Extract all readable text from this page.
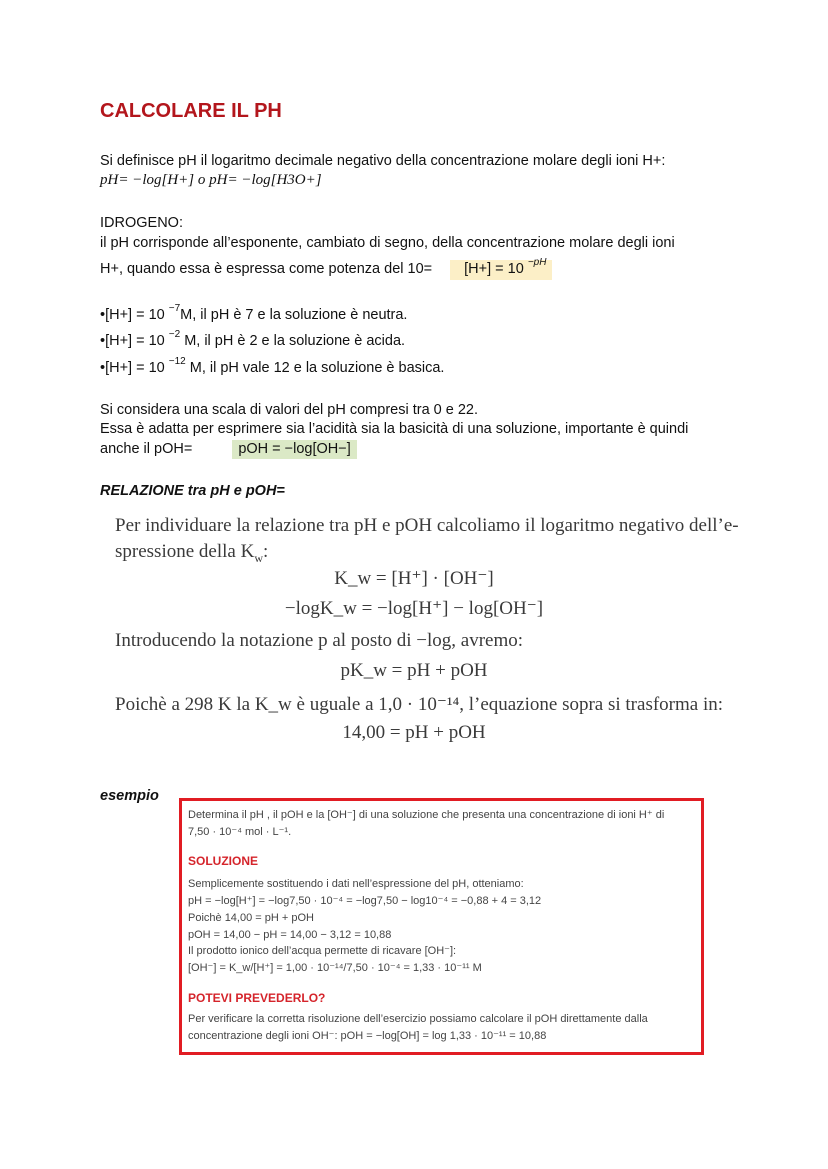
CALCOLARE IL PH
Si definisce pH il logaritmo decimale negativo della concentrazione molare degli ioni H+:
pH= −log[H+] o pH= −log[H3O+]
IDROGENO:
il pH corrisponde all’esponente, cambiato di segno, della concentrazione molare degli ioni
H+, quando essa è espressa come potenza del 10= [H+] = 10 $^{-pH}$
•[H+] = 10 $^{-7}$M, il pH è 7 e la soluzione è neutra.
•[H+] = 10 $^{-2}$ M, il pH è 2 e la soluzione è acida.
•[H+] = 10 $^{-12}$ M, il pH vale 12 e la soluzione è basica.
Si considera una scala di valori del pH compresi tra 0 e 22.
Essa è adatta per esprimere sia l’acidità sia la basicità di una soluzione, importante è quindi
anche il pOH=	pOH = −log[OH−]
RELAZIONE tra pH e pOH=
Per individuare la relazione tra pH e pOH calcoliamo il logaritmo negativo dell’e-
spressione della $K_w$:
K_w = [H⁺] · [OH⁻]
−logK_w = −log[H⁺] − log[OH⁻]
Introducendo la notazione p al posto di −log, avremo:
pK_w = pH + pOH
Poichè a 298 K la K_w è uguale a 1,0 · 10⁻¹⁴, l’equazione sopra si trasforma in:
14,00 = pH + pOH
esempio
Determina il pH , il pOH e la [OH⁻] di una soluzione che presenta una concentrazione di ioni H⁺ di
7,50 · 10⁻⁴ mol · L⁻¹.
SOLUZIONE
Semplicemente sostituendo i dati nell’espressione del pH, otteniamo:
pH = −log[H⁺] = −log7,50 · 10⁻⁴ = −log7,50 − log10⁻⁴ = −0,88 + 4 = 3,12
Poichè 14,00 = pH + pOH
pOH = 14,00 − pH = 14,00 − 3,12 = 10,88
Il prodotto ionico dell’acqua permette di ricavare [OH⁻]:
[OH⁻] = K_w/[H⁺] = 1,00 · 10⁻¹⁴/7,50 · 10⁻⁴ = 1,33 · 10⁻¹¹ M
POTEVI PREVEDERLO?
Per verificare la corretta risoluzione dell’esercizio possiamo calcolare il pOH direttamente dalla
concentrazione degli ioni OH⁻: pOH = −log[OH] = log 1,33 · 10⁻¹¹ = 10,88
